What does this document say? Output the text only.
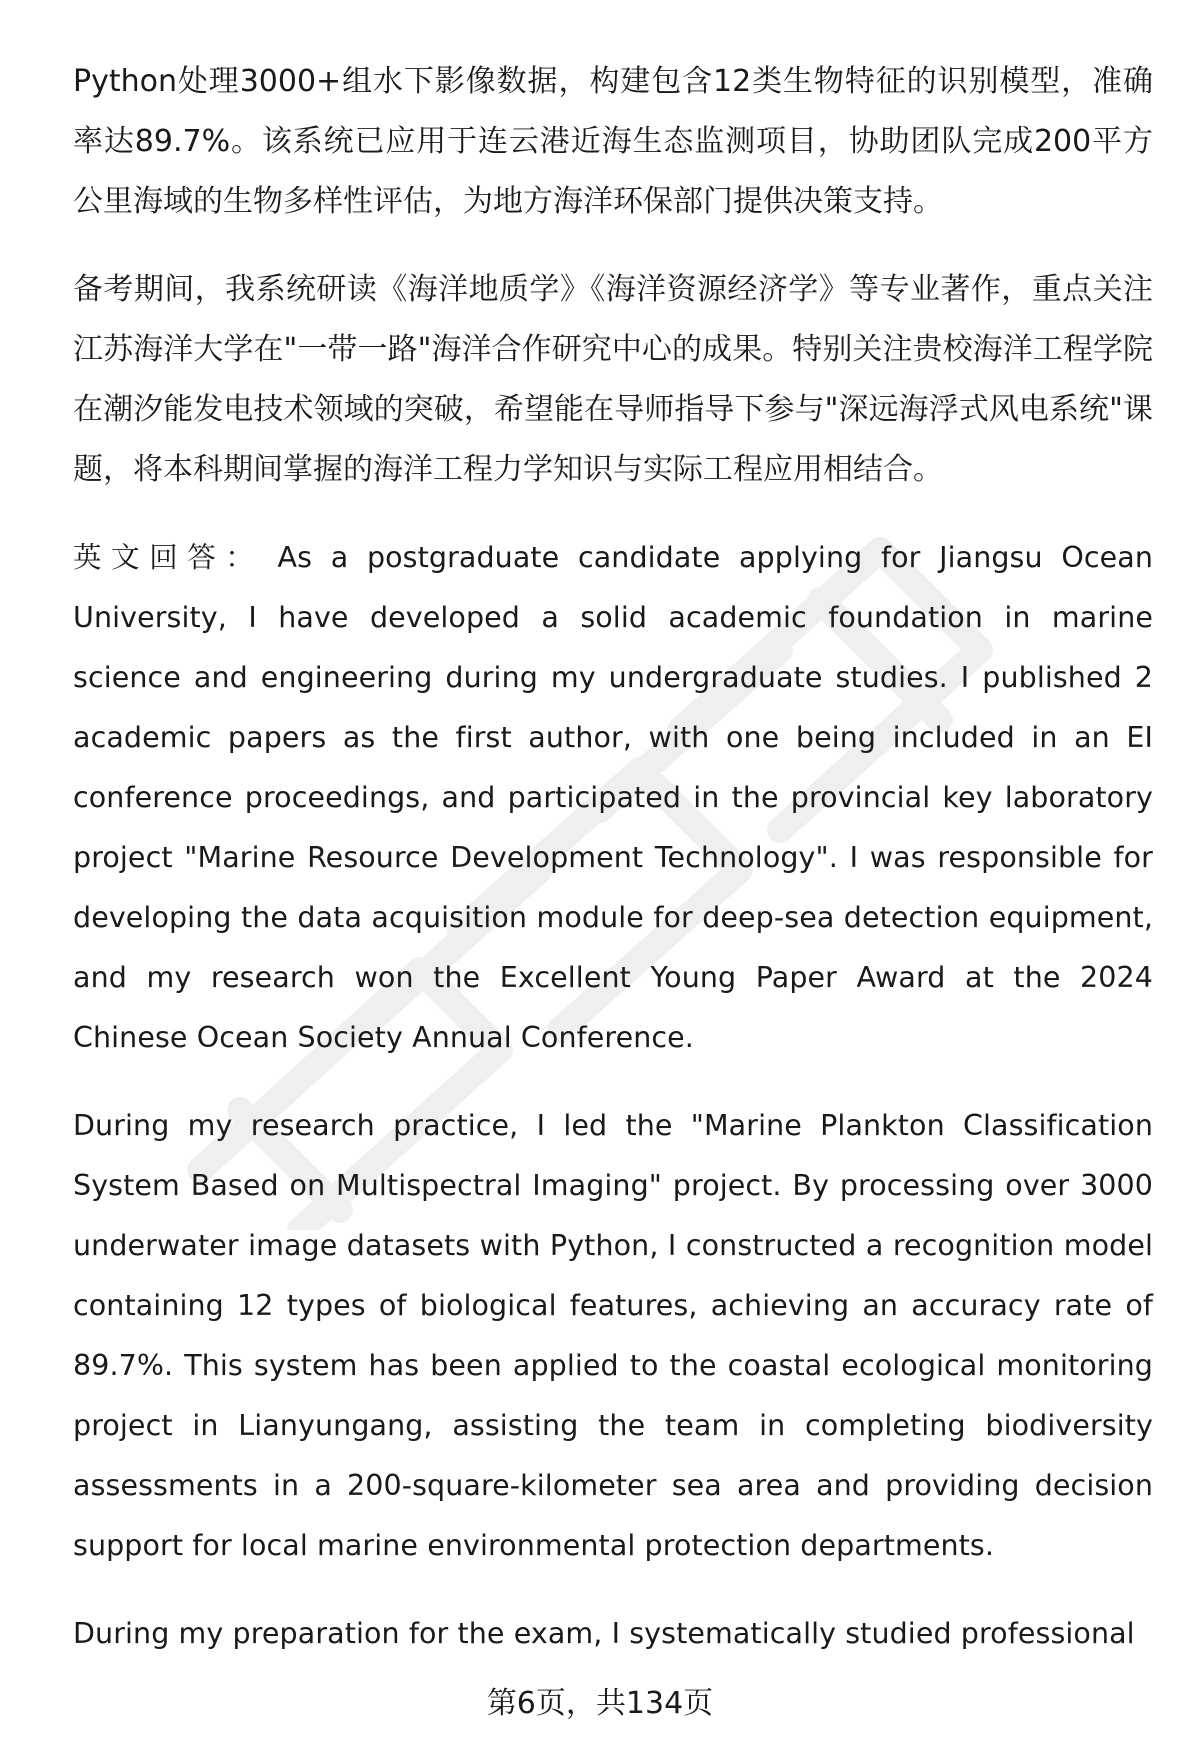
Python处理3000+组水下影像数据，构建包含12类生物特征的识别模型，准确率达89.7%。该系统已应用于连云港近海生态监测项目，协助团队完成200平方公里海域的生物多样性评估，为地方海洋环保部门提供决策支持。

备考期间，我系统研读《海洋地质学》《海洋资源经济学》等专业著作，重点关注江苏海洋大学在"一带一路"海洋合作研究中心的成果。特别关注贵校海洋工程学院在潮汐能发电技术领域的突破，希望能在导师指导下参与"深远海浮式风电系统"课题，将本科期间掌握的海洋工程力学知识与实际工程应用相结合。

英文回答： As a postgraduate candidate applying for Jiangsu Ocean University, I have developed a solid academic foundation in marine science and engineering during my undergraduate studies. I published 2 academic papers as the first author, with one being included in an EI conference proceedings, and participated in the provincial key laboratory project "Marine Resource Development Technology". I was responsible for developing the data acquisition module for deep-sea detection equipment, and my research won the Excellent Young Paper Award at the 2024 Chinese Ocean Society Annual Conference.

During my research practice, I led the "Marine Plankton Classification System Based on Multispectral Imaging" project. By processing over 3000 underwater image datasets with Python, I constructed a recognition model containing 12 types of biological features, achieving an accuracy rate of 89.7%. This system has been applied to the coastal ecological monitoring project in Lianyungang, assisting the team in completing biodiversity assessments in a 200-square-kilometer sea area and providing decision support for local marine environmental protection departments.

During my preparation for the exam, I systematically studied professional

第6页，共134页
